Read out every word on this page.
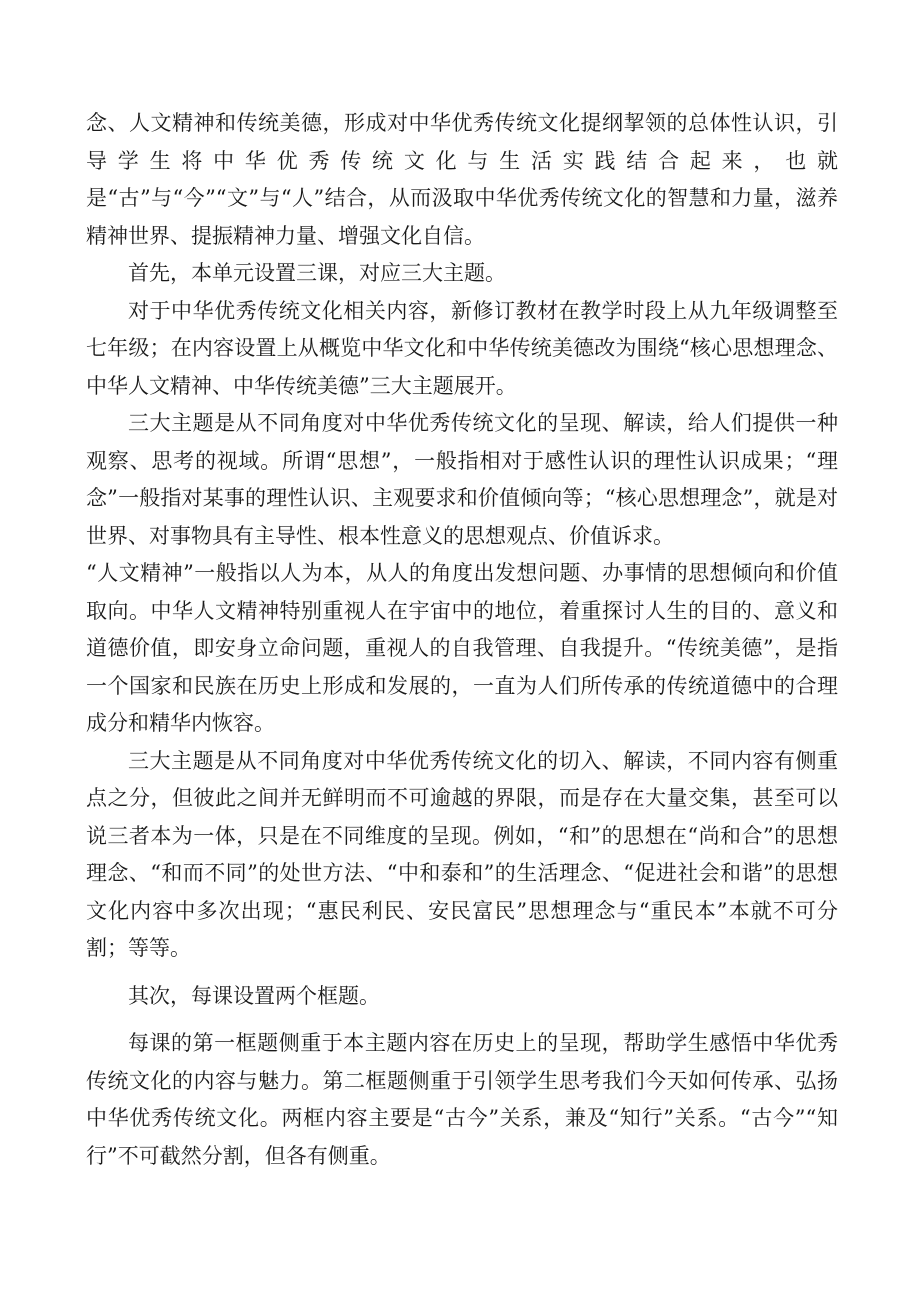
念、人文精神和传统美德，形成对中华优秀传统文化提纲挈领的总体性认识，引导学生将中华优秀传统文化与生活实践结合起来，也就是“古”与“今”“文”与“人”结合，从而汲取中华优秀传统文化的智慧和力量，滋养精神世界、提振精神力量、增强文化自信。

首先，本单元设置三课，对应三大主题。

对于中华优秀传统文化相关内容，新修订教材在教学时段上从九年级调整至七年级；在内容设置上从概览中华文化和中华传统美德改为围绕“核心思想理念、中华人文精神、中华传统美德”三大主题展开。

三大主题是从不同角度对中华优秀传统文化的呈现、解读，给人们提供一种观察、思考的视域。所谓“思想”，一般指相对于感性认识的理性认识成果；“理念”一般指对某事的理性认识、主观要求和价值倾向等；“核心思想理念”，就是对世界、对事物具有主导性、根本性意义的思想观点、价值诉求。

“人文精神”一般指以人为本，从人的角度出发想问题、办事情的思想倾向和价值取向。中华人文精神特别重视人在宇宙中的地位，着重探讨人生的目的、意义和道德价值，即安身立命问题，重视人的自我管理、自我提升。“传统美德”，是指一个国家和民族在历史上形成和发展的，一直为人们所传承的传统道德中的合理成分和精华内恢容。

三大主题是从不同角度对中华优秀传统文化的切入、解读，不同内容有侧重点之分，但彼此之间并无鲜明而不可逾越的界限，而是存在大量交集，甚至可以说三者本为一体，只是在不同维度的呈现。例如，“和”的思想在“尚和合”的思想理念、“和而不同”的处世方法、“中和泰和”的生活理念、“促进社会和谐”的思想文化内容中多次出现；“惠民利民、安民富民”思想理念与“重民本”本就不可分割；等等。

其次，每课设置两个框题。

每课的第一框题侧重于本主题内容在历史上的呈现，帮助学生感悟中华优秀传统文化的内容与魅力。第二框题侧重于引领学生思考我们今天如何传承、弘扬中华优秀传统文化。两框内容主要是“古今”关系，兼及“知行”关系。“古今”“知行”不可截然分割，但各有侧重。
